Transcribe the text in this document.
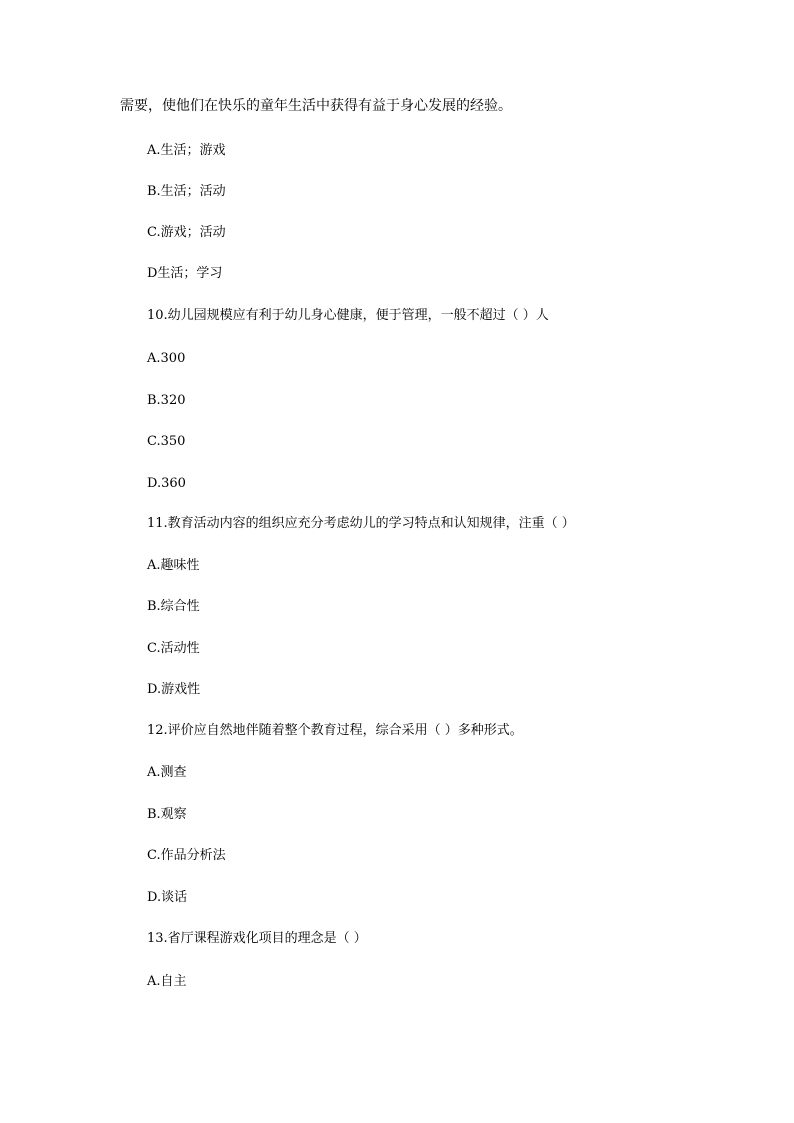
需要，使他们在快乐的童年生活中获得有益于身心发展的经验。
A.生活；游戏
B.生活；活动
C.游戏；活动
D生活；学习
10.幼儿园规模应有利于幼儿身心健康，便于管理，一般不超过（ ）人
A.300
B.320
C.350
D.360
11.教育活动内容的组织应充分考虑幼儿的学习特点和认知规律，注重（ ）
A.趣味性
B.综合性
C.活动性
D.游戏性
12.评价应自然地伴随着整个教育过程，综合采用（ ）多种形式。
A.测查
B.观察
C.作品分析法
D.谈话
13.省厅课程游戏化项目的理念是（ ）
A.自主
